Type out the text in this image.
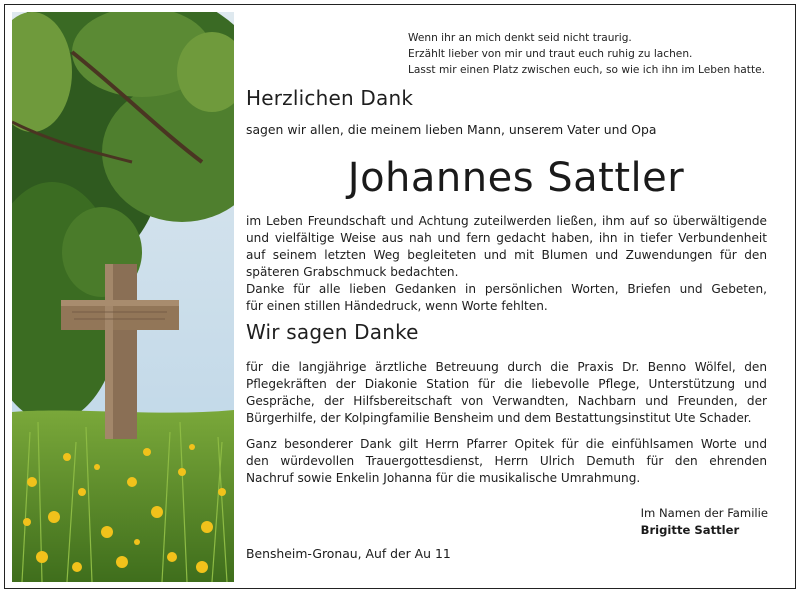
Wenn ihr an mich denkt seid nicht traurig.
Erzählt lieber von mir und traut euch ruhig zu lachen.
Lasst mir einen Platz zwischen euch, so wie ich ihn im Leben hatte.
Herzlichen Dank
sagen wir allen, die meinem lieben Mann, unserem Vater und Opa
Johannes Sattler
im Leben Freundschaft und Achtung zuteilwerden ließen, ihm auf so überwältigende
und vielfältige Weise aus nah und fern gedacht haben, ihn in tiefer Verbundenheit
auf seinem letzten Weg begleiteten und mit Blumen und Zuwendungen für den
späteren Grabschmuck bedachten.
Danke für alle lieben Gedanken in persönlichen Worten, Briefen und Gebeten,
für einen stillen Händedruck, wenn Worte fehlten.
Wir sagen Danke
für die langjährige ärztliche Betreuung durch die Praxis Dr. Benno Wölfel, den
Pflegekräften der Diakonie Station für die liebevolle Pflege, Unterstützung und
Gespräche, der Hilfsbereitschaft von Verwandten, Nachbarn und Freunden, der
Bürgerhilfe, der Kolpingfamilie Bensheim und dem Bestattungsinstitut Ute Schader.
Ganz besonderer Dank gilt Herrn Pfarrer Opitek für die einfühlsamen Worte und
den würdevollen Trauergottesdienst, Herrn Ulrich Demuth für den ehrenden
Nachruf sowie Enkelin Johanna für die musikalische Umrahmung.
Im Namen der Familie
Brigitte Sattler
Bensheim-Gronau, Auf der Au 11
